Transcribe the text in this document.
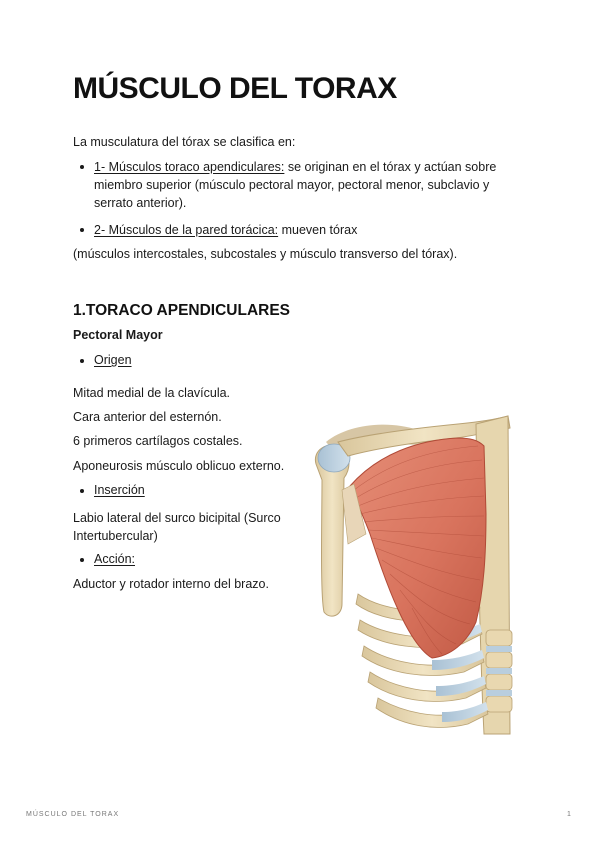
MÚSCULO DEL TORAX

La musculatura del tórax se clasifica en:

1- Músculos toraco apendiculares: se originan en el tórax y actúan sobre miembro superior (músculo pectoral mayor, pectoral menor, subclavio y serrato anterior).
2- Músculos de la pared torácica: mueven tórax

(músculos intercostales, subcostales y músculo transverso del tórax).

1.TORACO APENDICULARES
Pectoral Mayor
Origen

Mitad medial de la clavícula.

Cara anterior del esternón.

6 primeros cartílagos costales.

Aponeurosis músculo oblicuo externo.

Inserción

Labio lateral del surco bicipital (Surco Intertubercular)

Acción:

Aductor y rotador interno del brazo.

MÚSCULO DEL TORAX	1
